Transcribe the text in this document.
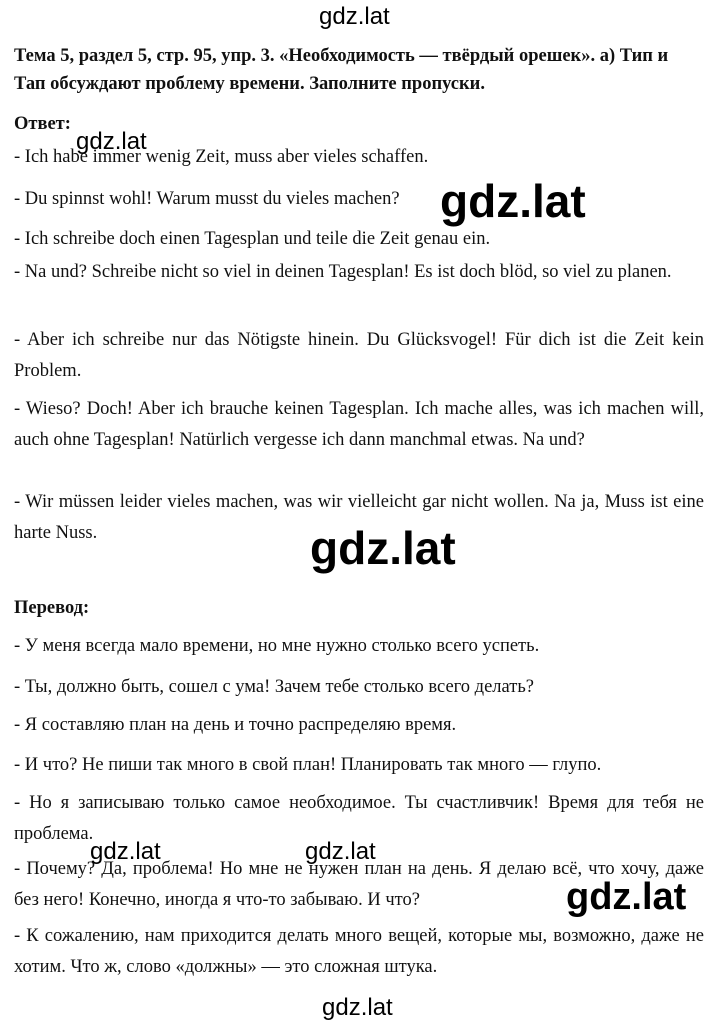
Тема 5, раздел 5, стр. 95, упр. 3. «Необходимость — твёрдый орешек». а) Тип и Тап обсуждают проблему времени. Заполните пропуски.
Ответ:
- Ich habe immer wenig Zeit, muss aber vieles schaffen.
- Du spinnst wohl! Warum musst du vieles machen?
- Ich schreibe doch einen Tagesplan und teile die Zeit genau ein.
- Na und? Schreibe nicht so viel in deinen Tagesplan! Es ist doch blöd, so viel zu planen.
- Aber ich schreibe nur das Nötigste hinein. Du Glücksvogel! Für dich ist die Zeit kein Problem.
- Wieso? Doch! Aber ich brauche keinen Tagesplan. Ich mache alles, was ich machen will, auch ohne Tagesplan! Natürlich vergesse ich dann manchmal etwas. Na und?
- Wir müssen leider vieles machen, was wir vielleicht gar nicht wollen. Na ja, Muss ist eine harte Nuss.
Перевод:
- У меня всегда мало времени, но мне нужно столько всего успеть.
- Ты, должно быть, сошел с ума! Зачем тебе столько всего делать?
- Я составляю план на день и точно распределяю время.
- И что? Не пиши так много в свой план! Планировать так много — глупо.
- Но я записываю только самое необходимое. Ты счастливчик! Время для тебя не проблема.
- Почему? Да, проблема! Но мне не нужен план на день. Я делаю всё, что хочу, даже без него! Конечно, иногда я что-то забываю. И что?
- К сожалению, нам приходится делать много вещей, которые мы, возможно, даже не хотим. Что ж, слово «должны» — это сложная штука.
gdz.lat
gdz.lat
gdz.lat
gdz.lat
gdz.lat	gdz.lat
gdz.lat
gdz.lat
